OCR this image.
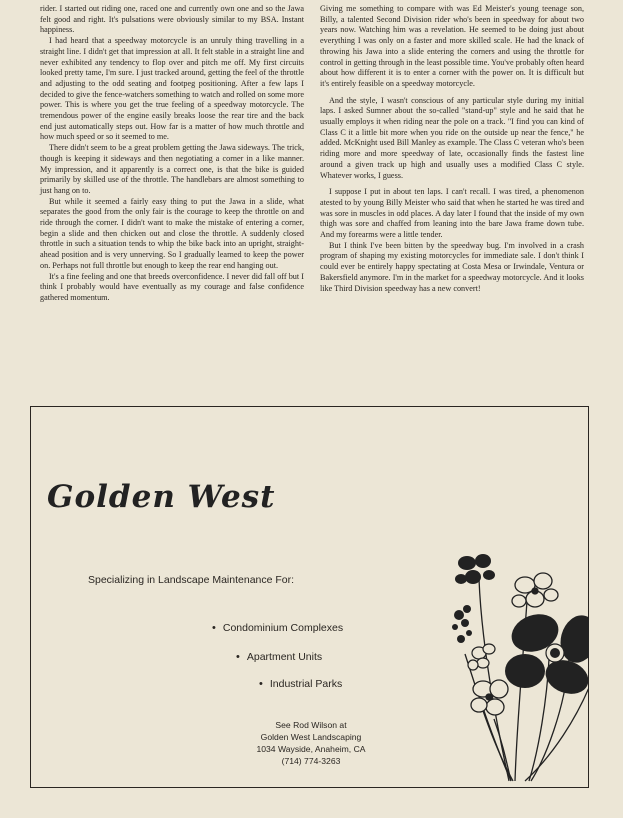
rider. I started out riding one, raced one and currently own one and so the Jawa felt good and right. It's pulsations were obviously similar to my BSA. Instant happiness.

I had heard that a speedway motorcycle is an unruly thing travelling in a straight line. I didn't get that impression at all. It felt stable in a straight line and never exhibited any tendency to flop over and pitch me off. My first circuits looked pretty tame, I'm sure. I just tracked around, getting the feel of the throttle and adjusting to the odd seating and footpeg positioning. After a few laps I decided to give the fence-watchers something to watch and rolled on some more power. This is where you get the true feeling of a speedway motorcycle. The tremendous power of the engine easily breaks loose the rear tire and the back end just automatically steps out. How far is a matter of how much throttle and how much speed or so it seemed to me.

There didn't seem to be a great problem getting the Jawa sideways. The trick, though is keeping it sideways and then negotiating a corner in a like manner. My impression, and it apparently is a correct one, is that the bike is guided primarily by skilled use of the throttle. The handlebars are almost something to just hang on to.

But while it seemed a fairly easy thing to put the Jawa in a slide, what separates the good from the only fair is the courage to keep the throttle on and ride through the corner. I didn't want to make the mistake of entering a corner, begin a slide and then chicken out and close the throttle. A suddenly closed throttle in such a situation tends to whip the bike back into an upright, straight-ahead position and is very unnerving. So I gradually learned to keep the power on. Perhaps not full throttle but enough to keep the rear end hanging out.

It's a fine feeling and one that breeds overconfidence. I never did fall off but I think I probably would have eventually as my courage and false confidence gathered momentum.

Giving me something to compare with was Ed Meister's young teenage son, Billy, a talented Second Division rider who's been in speedway for about two years now. Watching him was a revelation. He seemed to be doing just about everything I was only on a faster and more skilled scale. He had the knack of throwing his Jawa into a slide entering the corners and using the throttle for control in getting through in the least possible time. You've probably often heard about how different it is to enter a corner with the power on. It is difficult but it's entirely feasible on a speedway motorcycle.

And the style, I wasn't conscious of any particular style during my initial laps. I asked Sumner about the so-called "stand-up" style and he said that he usually employs it when riding near the pole on a track. "I find you can kind of Class C it a little bit more when you ride on the outside up near the fence," he added. McKnight used Bill Manley as example. The Class C veteran who's been riding more and more speedway of late, occasionally finds the fastest line around a given track up high and usually uses a modified Class C style. Whatever works, I guess.

I suppose I put in about ten laps. I can't recall. I was tired, a phenomenon atested to by young Billy Meister who said that when he started he was tired and was sore in muscles in odd places. A day later I found that the inside of my own thigh was sore and chaffed from leaning into the bare Jawa frame down tube. And my forearms were a little tender.

But I think I've been bitten by the speedway bug. I'm involved in a crash program of shaping my existing motorcycles for immediate sale. I don't think I could ever be entirely happy spectating at Costa Mesa or Irwindale, Ventura or Bakersfield anymore. I'm in the market for a speedway motorcycle. And it looks like Third Division speedway has a new convert!

Golden West
Specializing in Landscape Maintenance For:
• Condominium Complexes
• Apartment Units
• Industrial Parks
See Rod Wilson at
Golden West Landscaping
1034 Wayside, Anaheim, CA
(714) 774-3263
